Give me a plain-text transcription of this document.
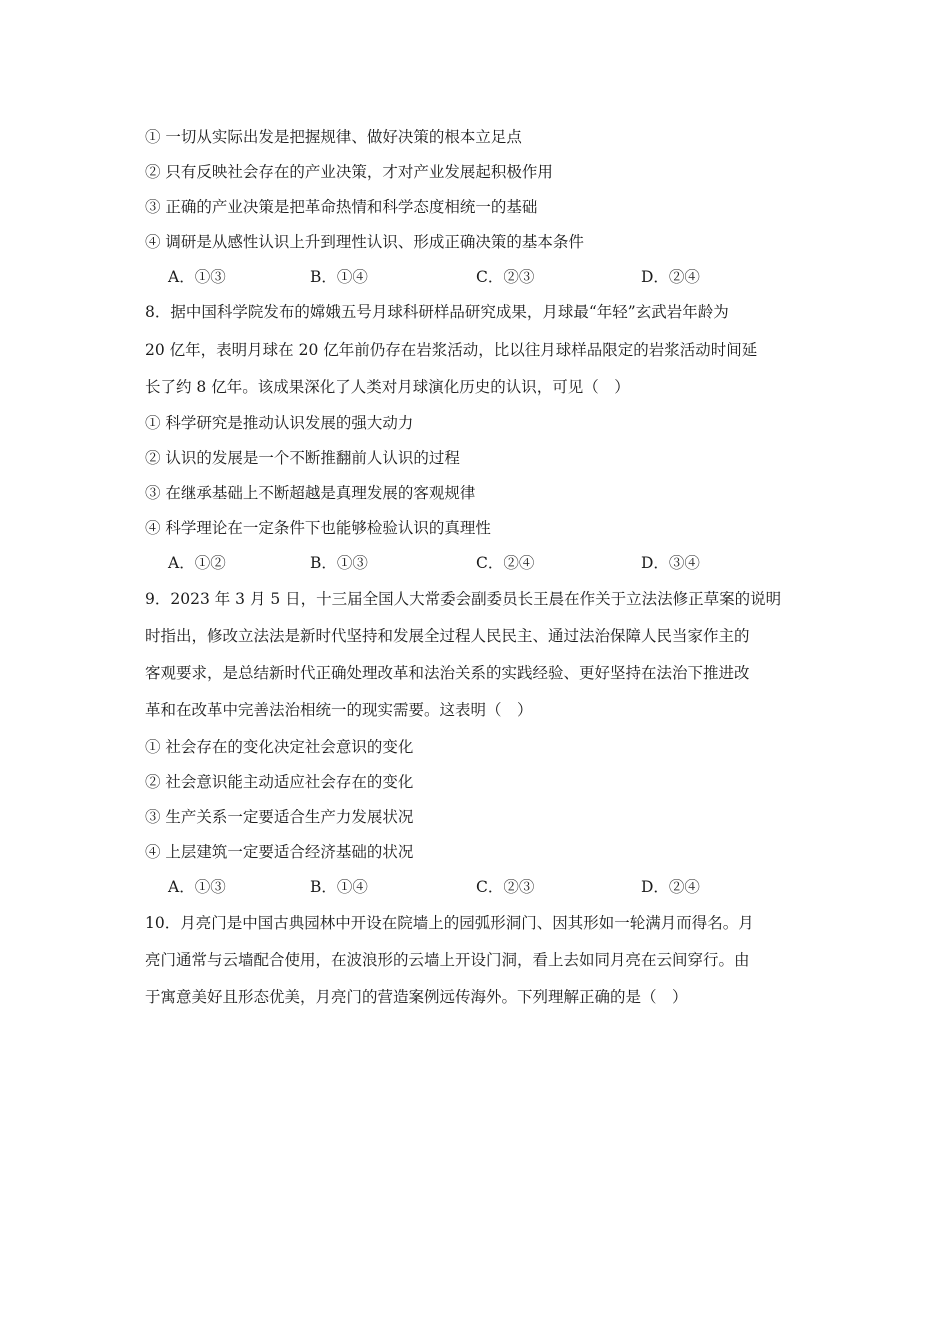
① 一切从实际出发是把握规律、做好决策的根本立足点
② 只有反映社会存在的产业决策，才对产业发展起积极作用
③ 正确的产业决策是把革命热情和科学态度相统一的基础
④ 调研是从感性认识上升到理性认识、形成正确决策的基本条件
A．①③	B．①④	C．②③	D．②④
8．据中国科学院发布的嫦娥五号月球科研样品研究成果，月球最“年轻”玄武岩年龄为
20 亿年，表明月球在 20 亿年前仍存在岩浆活动，比以往月球样品限定的岩浆活动时间延
长了约 8 亿年。该成果深化了人类对月球演化历史的认识，可见（　）
① 科学研究是推动认识发展的强大动力
② 认识的发展是一个不断推翻前人认识的过程
③ 在继承基础上不断超越是真理发展的客观规律
④ 科学理论在一定条件下也能够检验认识的真理性
A．①②	B．①③	C．②④	D．③④
9．2023 年 3 月 5 日，十三届全国人大常委会副委员长王晨在作关于立法法修正草案的说明
时指出，修改立法法是新时代坚持和发展全过程人民民主、通过法治保障人民当家作主的
客观要求，是总结新时代正确处理改革和法治关系的实践经验、更好坚持在法治下推进改
革和在改革中完善法治相统一的现实需要。这表明（　）
① 社会存在的变化决定社会意识的变化
② 社会意识能主动适应社会存在的变化
③ 生产关系一定要适合生产力发展状况
④ 上层建筑一定要适合经济基础的状况
A．①③	B．①④	C．②③	D．②④
10．月亮门是中国古典园林中开设在院墙上的园弧形洞门、因其形如一轮满月而得名。月
亮门通常与云墙配合使用，在波浪形的云墙上开设门洞，看上去如同月亮在云间穿行。由
于寓意美好且形态优美，月亮门的营造案例远传海外。下列理解正确的是（　）
